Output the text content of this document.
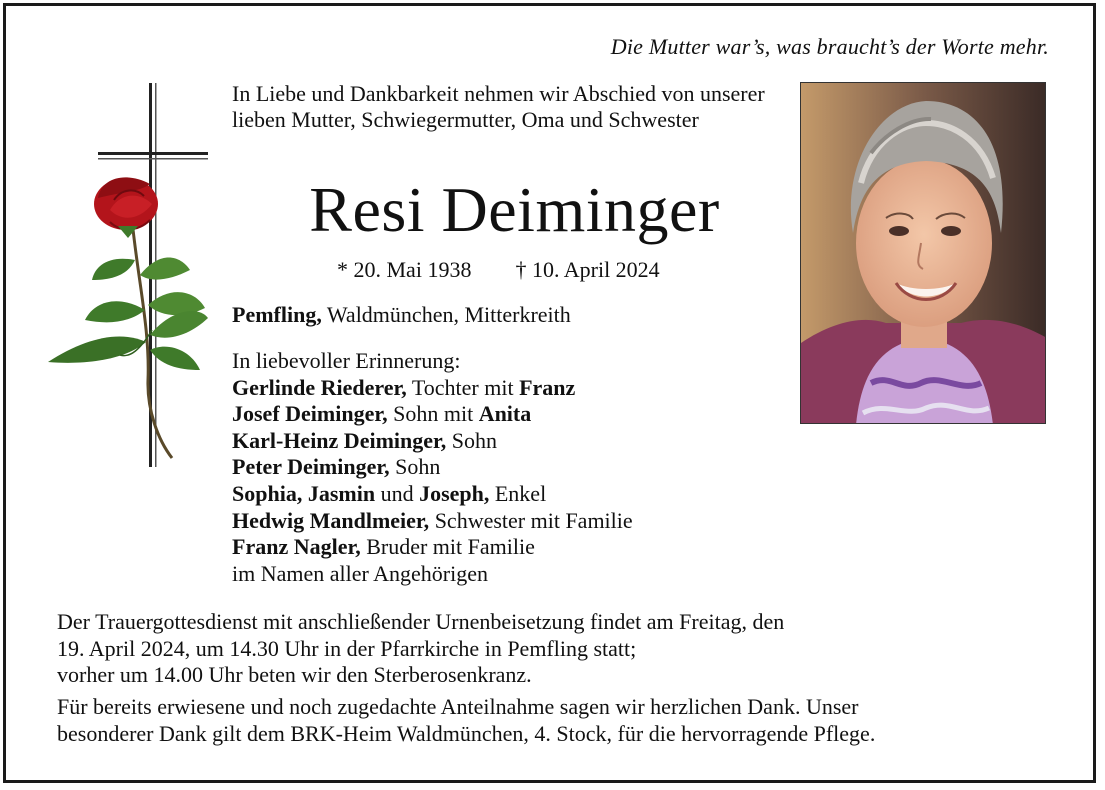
Die Mutter war’s, was braucht’s der Worte mehr.
In Liebe und Dankbarkeit nehmen wir Abschied von unserer lieben Mutter, Schwiegermutter, Oma und Schwester
Resi Deiminger
* 20. Mai 1938 † 10. April 2024
Pemfling, Waldmünchen, Mitterkreith
In liebevoller Erinnerung:
Gerlinde Riederer, Tochter mit Franz
Josef Deiminger, Sohn mit Anita
Karl-Heinz Deiminger, Sohn
Peter Deiminger, Sohn
Sophia, Jasmin und Joseph, Enkel
Hedwig Mandlmeier, Schwester mit Familie
Franz Nagler, Bruder mit Familie
im Namen aller Angehörigen
Der Trauergottesdienst mit anschließender Urnenbeisetzung findet am Freitag, den
19. April 2024, um 14.30 Uhr in der Pfarrkirche in Pemfling statt;
vorher um 14.00 Uhr beten wir den Sterberosenkranz.
Für bereits erwiesene und noch zugedachte Anteilnahme sagen wir herzlichen Dank. Unser
besonderer Dank gilt dem BRK-Heim Waldmünchen, 4. Stock, für die hervorragende Pflege.
